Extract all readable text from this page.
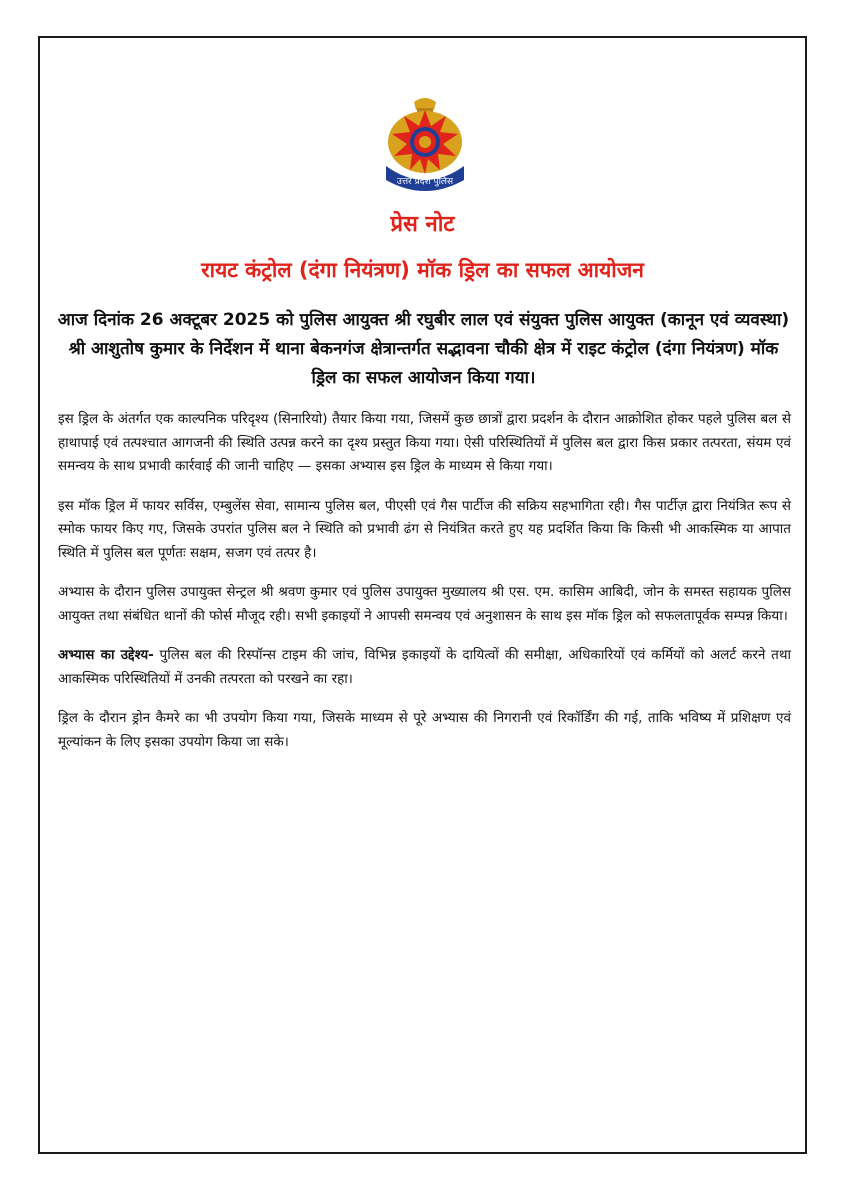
उत्तर प्रदेश पुलिस
प्रेस नोट
रायट कंट्रोल (दंगा नियंत्रण) मॉक ड्रिल का सफल आयोजन

आज दिनांक 26 अक्टूबर 2025 को पुलिस आयुक्त श्री रघुबीर लाल एवं संयुक्त पुलिस आयुक्त (कानून एवं व्यवस्था) श्री आशुतोष कुमार के निर्देशन में थाना बेकनगंज क्षेत्रान्तर्गत सद्भावना चौकी क्षेत्र में राइट कंट्रोल (दंगा नियंत्रण) मॉक ड्रिल का सफल आयोजन किया गया।

इस ड्रिल के अंतर्गत एक काल्पनिक परिदृश्य (सिनारियो) तैयार किया गया, जिसमें कुछ छात्रों द्वारा प्रदर्शन के दौरान आक्रोशित होकर पहले पुलिस बल से हाथापाई एवं तत्पश्चात आगजनी की स्थिति उत्पन्न करने का दृश्य प्रस्तुत किया गया। ऐसी परिस्थितियों में पुलिस बल द्वारा किस प्रकार तत्परता, संयम एवं समन्वय के साथ प्रभावी कार्रवाई की जानी चाहिए — इसका अभ्यास इस ड्रिल के माध्यम से किया गया।

इस मॉक ड्रिल में फायर सर्विस, एम्बुलेंस सेवा, सामान्य पुलिस बल, पीएसी एवं गैस पार्टीज की सक्रिय सहभागिता रही। गैस पार्टीज़ द्वारा नियंत्रित रूप से स्मोक फायर किए गए, जिसके उपरांत पुलिस बल ने स्थिति को प्रभावी ढंग से नियंत्रित करते हुए यह प्रदर्शित किया कि किसी भी आकस्मिक या आपात स्थिति में पुलिस बल पूर्णतः सक्षम, सजग एवं तत्पर है।

अभ्यास के दौरान पुलिस उपायुक्त सेन्ट्रल श्री श्रवण कुमार एवं पुलिस उपायुक्त मुख्यालय श्री एस. एम. कासिम आबिदी, जोन के समस्त सहायक पुलिस आयुक्त तथा संबंधित थानों की फोर्स मौजूद रही। सभी इकाइयों ने आपसी समन्वय एवं अनुशासन के साथ इस मॉक ड्रिल को सफलतापूर्वक सम्पन्न किया।

अभ्यास का उद्देश्य- पुलिस बल की रिस्पॉन्स टाइम की जांच, विभिन्न इकाइयों के दायित्वों की समीक्षा, अधिकारियों एवं कर्मियों को अलर्ट करने तथा आकस्मिक परिस्थितियों में उनकी तत्परता को परखने का रहा।

ड्रिल के दौरान ड्रोन कैमरे का भी उपयोग किया गया, जिसके माध्यम से पूरे अभ्यास की निगरानी एवं रिकॉर्डिंग की गई, ताकि भविष्य में प्रशिक्षण एवं मूल्यांकन के लिए इसका उपयोग किया जा सके।
